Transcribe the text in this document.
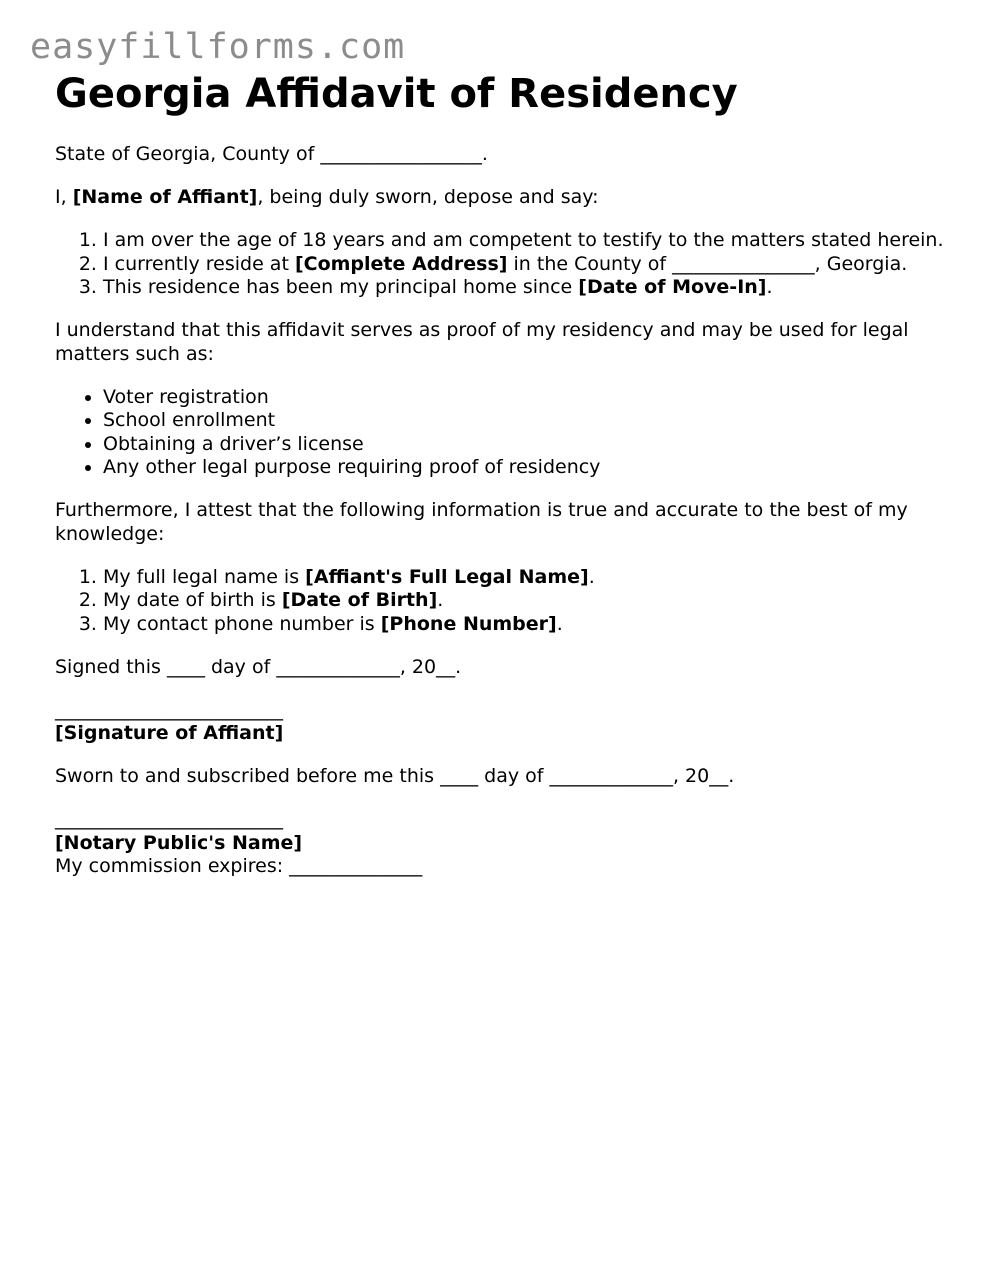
easyfillforms.com
Georgia Affidavit of Residency

State of Georgia, County of _________________.

I, [Name of Affiant], being duly sworn, depose and say:

1. I am over the age of 18 years and am competent to testify to the matters stated herein.
2. I currently reside at [Complete Address] in the County of _______________, Georgia.
3. This residence has been my principal home since [Date of Move-In].

I understand that this affidavit serves as proof of my residency and may be used for legal matters such as:

• Voter registration
• School enrollment
• Obtaining a driver’s license
• Any other legal purpose requiring proof of residency

Furthermore, I attest that the following information is true and accurate to the best of my knowledge:

1. My full legal name is [Affiant's Full Legal Name].
2. My date of birth is [Date of Birth].
3. My contact phone number is [Phone Number].

Signed this ____ day of _____________, 20__.

________________________
[Signature of Affiant]

Sworn to and subscribed before me this ____ day of _____________, 20__.

________________________
[Notary Public's Name]
My commission expires: ______________
